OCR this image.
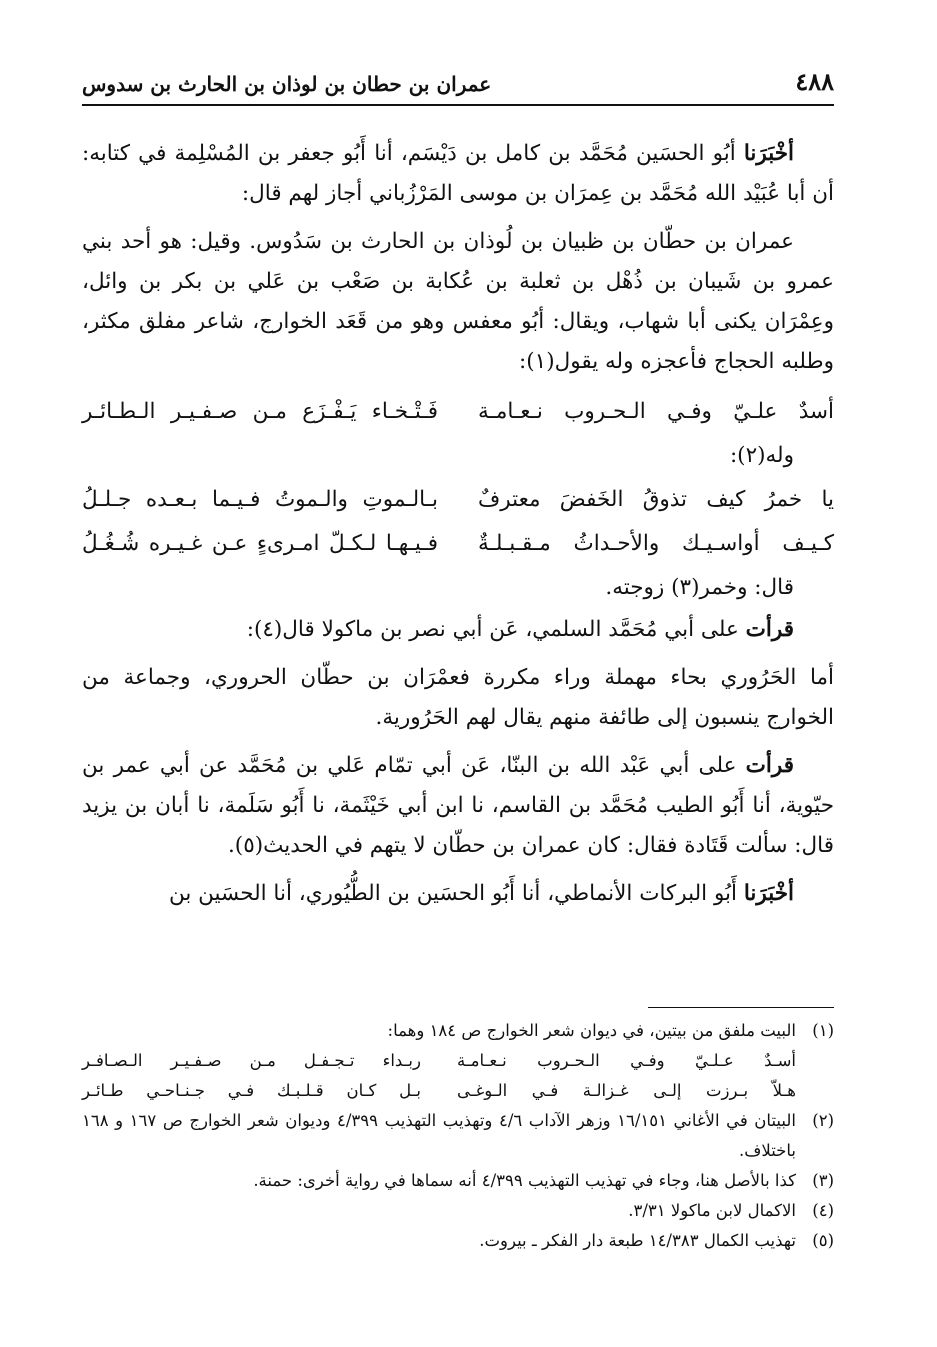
٤٨٨
عمران بن حطان بن لوذان بن الحارث بن سدوس

أخْبَرَنا أبُو الحسَين مُحَمَّد بن كامل بن دَيْسَم، أنا أَبُو جعفر بن المُسْلِمة في كتابه: أن أبا عُبَيْد الله مُحَمَّد بن عِمرَان بن موسى المَرْزُباني أجاز لهم قال:

عمران بن حطّان بن ظبيان بن لُوذان بن الحارث بن سَدُوس. وقيل: هو أحد بني عمرو بن شَيبان بن ذُهْل بن ثعلبة بن عُكابة بن صَعْب بن عَلي بن بكر بن وائل، وعِمْرَان يكنى أبا شهاب، ويقال: أبُو معفس وهو من قَعَد الخوارج، شاعر مفلق مكثر، وطلبه الحجاج فأعجزه وله يقول(١):

أسدٌ علـيّ وفـي الـحـروب نـعـامـة
فَـتْـخـاء يَـفْـزَع مـن صـفـيـر الـطـائـر
وله(٢):
يا خمرُ كيف تذوقُ الخَفضَ معترفٌ
بـالـموتِ والـموتُ فـيـما بـعـده جـلـلُ
كـيـف أواسـيـك والأحـداثُ مـقـبـلـةٌ
فـيـهـا لـكـلّ امـرىءٍ عـن غـيـره شُـغُـلُ
قال: وخمر(٣) زوجته.

قرأت على أبي مُحَمَّد السلمي، عَن أبي نصر بن ماكولا قال(٤):

أما الحَرُوري بحاء مهملة وراء مكررة فعمْرَان بن حطّان الحروري، وجماعة من الخوارج ينسبون إلى طائفة منهم يقال لهم الحَرُورية.

قرأت على أبي عَبْد الله بن البنّا، عَن أبي تمّام عَلي بن مُحَمَّد عن أبي عمر بن حيّوية، أنا أَبُو الطيب مُحَمَّد بن القاسم، نا ابن أبي خَيْثَمة، نا أَبُو سَلَمة، نا أبان بن يزيد قال: سألت قَتَادة فقال: كان عمران بن حطّان لا يتهم في الحديث(٥).

أخْبَرَنا أَبُو البركات الأنماطي، أنا أَبُو الحسَين بن الطُّيُوري، أنا الحسَين بن

(١)
البيت ملفق من بيتين، في ديوان شعر الخوارج ص ١٨٤ وهما:
أسـدٌ عـلـيّ وفـي الـحـروب نـعـامـة
ربـداء تـجـفـل مـن صـفـيـر الـصـافـر
هـلاّ بـرزت إلـى غـزالـة فـي الـوغـى
بـل كـان قـلـبـك فـي جـنـاحـي طـائـر
(٢)
البيتان في الأغاني ١٦/١٥١ وزهر الآداب ٤/٦ وتهذيب التهذيب ٤/٣٩٩ وديوان شعر الخوارج ص ١٦٧ و ١٦٨ باختلاف.
(٣)
كذا بالأصل هنا، وجاء في تهذيب التهذيب ٤/٣٩٩ أنه سماها في رواية أخرى: حمنة.
(٤)
الاكمال لابن ماكولا ٣/٣١.
(٥)
تهذيب الكمال ١٤/٣٨٣ طبعة دار الفكر ـ بيروت.
